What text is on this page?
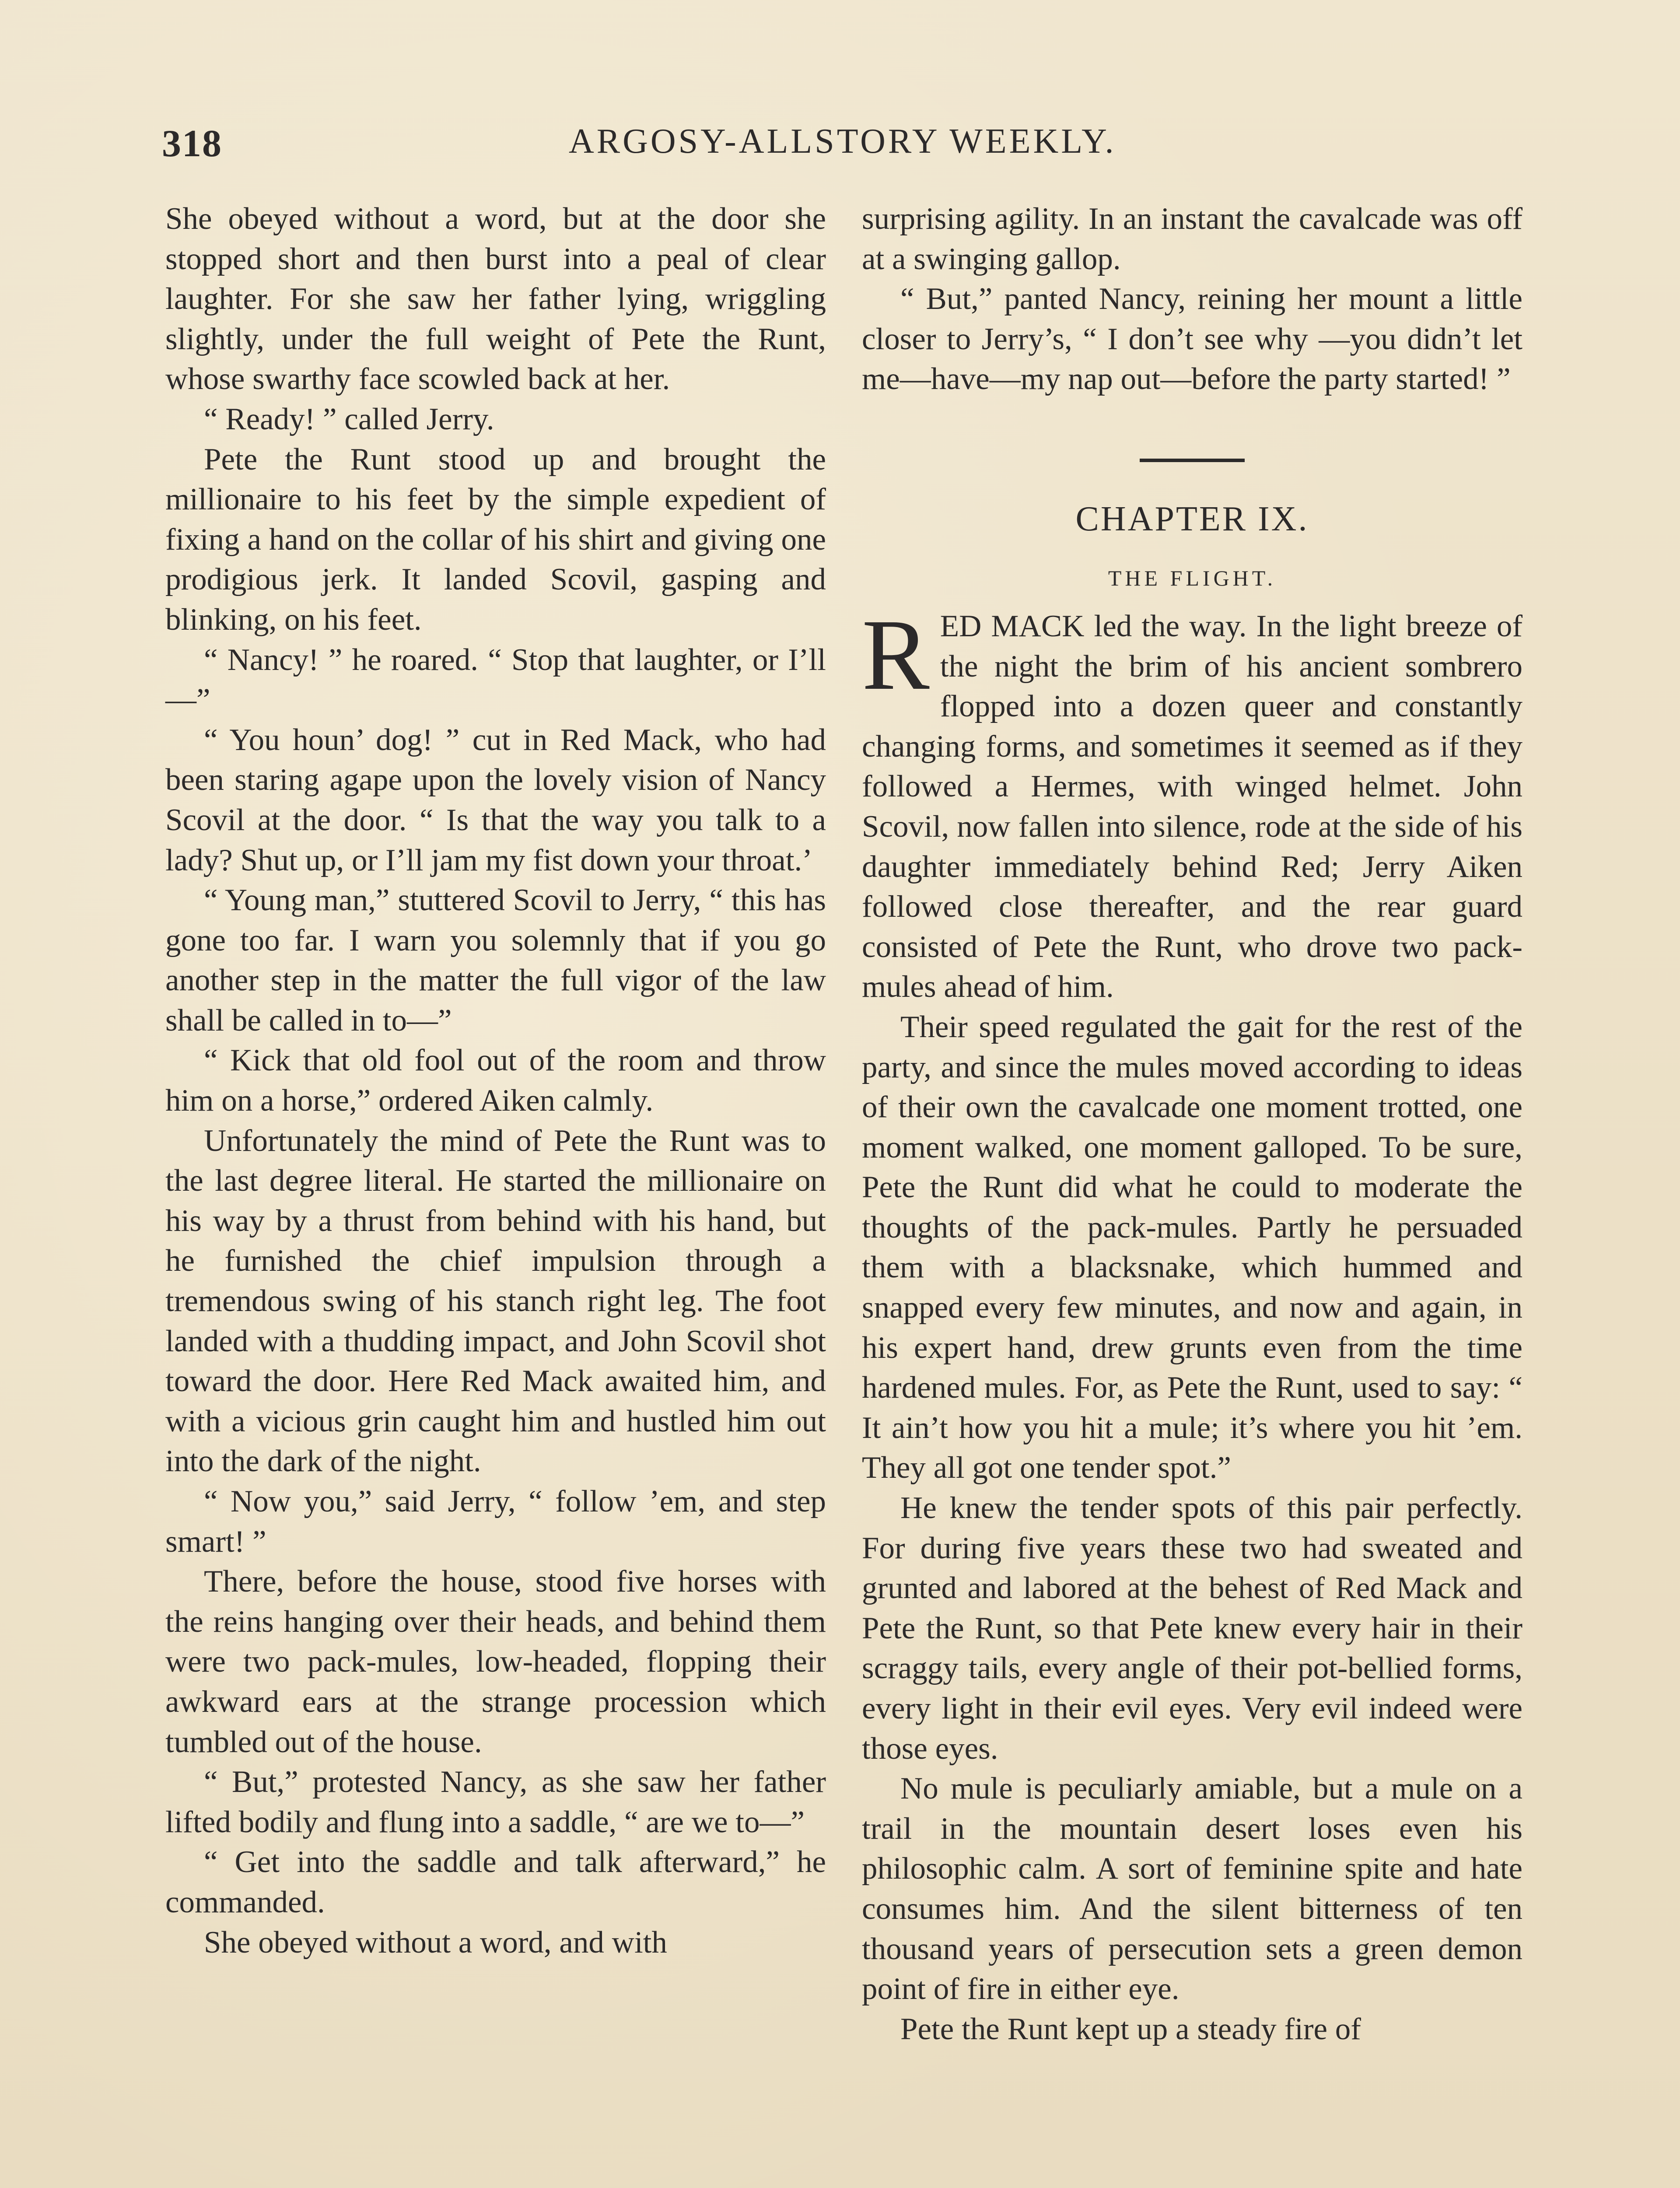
318	ARGOSY-ALLSTORY WEEKLY.

She obeyed without a word, but at the door she stopped short and then burst into a peal of clear laughter. For she saw her father lying, wriggling slightly, under the full weight of Pete the Runt, whose swarthy face scowled back at her.

“ Ready! ” called Jerry.

Pete the Runt stood up and brought the millionaire to his feet by the simple expedient of fixing a hand on the collar of his shirt and giving one prodigious jerk. It landed Scovil, gasping and blinking, on his feet.

“ Nancy! ” he roared. “ Stop that laughter, or I’ll—”

“ You houn’ dog! ” cut in Red Mack, who had been staring agape upon the lovely vision of Nancy Scovil at the door. “ Is that the way you talk to a lady? Shut up, or I’ll jam my fist down your throat.’

“ Young man,” stuttered Scovil to Jerry, “ this has gone too far. I warn you solemnly that if you go another step in the matter the full vigor of the law shall be called in to—”

“ Kick that old fool out of the room and throw him on a horse,” ordered Aiken calmly.

Unfortunately the mind of Pete the Runt was to the last degree literal. He started the millionaire on his way by a thrust from behind with his hand, but he furnished the chief impulsion through a tremendous swing of his stanch right leg. The foot landed with a thudding impact, and John Scovil shot toward the door. Here Red Mack awaited him, and with a vicious grin caught him and hustled him out into the dark of the night.

“ Now you,” said Jerry, “ follow ’em, and step smart! ”

There, before the house, stood five horses with the reins hanging over their heads, and behind them were two pack-mules, low-headed, flopping their awkward ears at the strange procession which tumbled out of the house.

“ But,” protested Nancy, as she saw her father lifted bodily and flung into a saddle, “ are we to—”

“ Get into the saddle and talk afterward,” he commanded.

She obeyed without a word, and with

surprising agility. In an instant the cavalcade was off at a swinging gallop.

“ But,” panted Nancy, reining her mount a little closer to Jerry’s, “ I don’t see why —you didn’t let me—have—my nap out—before the party started! ”

CHAPTER IX.
THE FLIGHT.

R ED MACK led the way. In the light breeze of the night the brim of his ancient sombrero flopped into a dozen queer and constantly changing forms, and sometimes it seemed as if they followed a Hermes, with winged helmet. John Scovil, now fallen into silence, rode at the side of his daughter immediately behind Red; Jerry Aiken followed close thereafter, and the rear guard consisted of Pete the Runt, who drove two pack-mules ahead of him.

Their speed regulated the gait for the rest of the party, and since the mules moved according to ideas of their own the cavalcade one moment trotted, one moment walked, one moment galloped. To be sure, Pete the Runt did what he could to moderate the thoughts of the pack-mules. Partly he persuaded them with a blacksnake, which hummed and snapped every few minutes, and now and again, in his expert hand, drew grunts even from the time hardened mules. For, as Pete the Runt, used to say: “ It ain’t how you hit a mule; it’s where you hit ’em. They all got one tender spot.”

He knew the tender spots of this pair perfectly. For during five years these two had sweated and grunted and labored at the behest of Red Mack and Pete the Runt, so that Pete knew every hair in their scraggy tails, every angle of their pot-bellied forms, every light in their evil eyes. Very evil indeed were those eyes.

No mule is peculiarly amiable, but a mule on a trail in the mountain desert loses even his philosophic calm. A sort of feminine spite and hate consumes him. And the silent bitterness of ten thousand years of persecution sets a green demon point of fire in either eye.

Pete the Runt kept up a steady fire of
